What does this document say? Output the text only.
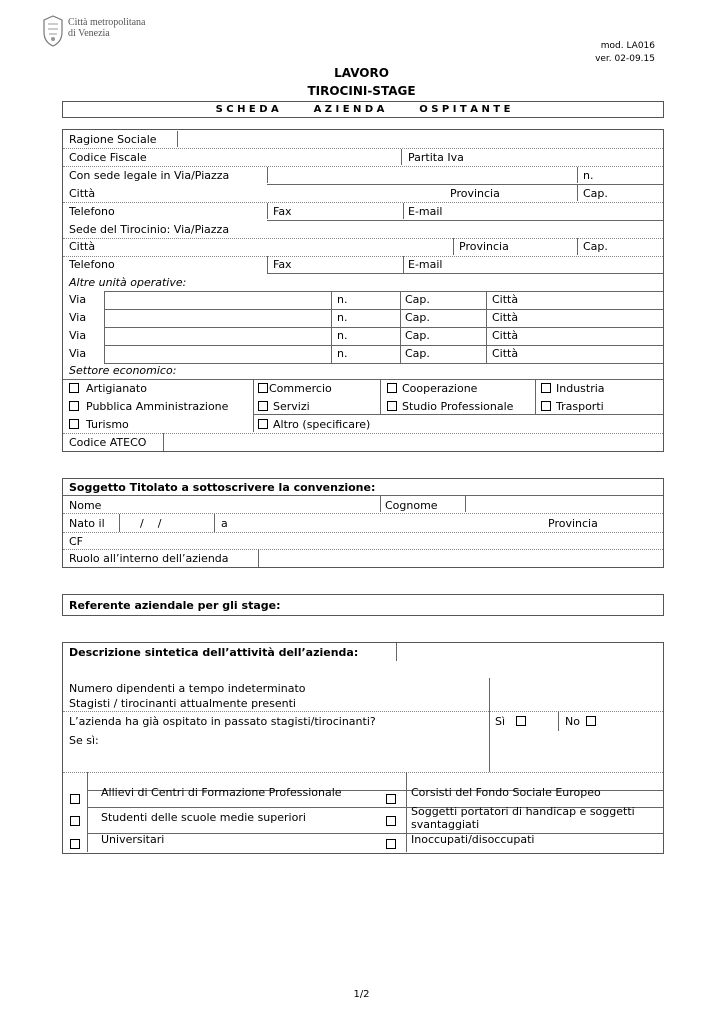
Città metropolitana
di Venezia
mod. LA016
ver. 02-09.15
LAVORO
TIROCINI-STAGE
S C H E D A          A Z I E N D A          O S P I T A N T E
Ragione Sociale
Codice Fiscale	Partita Iva
Con sede legale in Via/Piazza	n.
Città	Provincia	Cap.
Telefono	Fax	E-mail
Sede del Tirocinio: Via/Piazza
Città	Provincia	Cap.
Telefono	Fax	E-mail
Altre unità operative:
Via	n.	Cap.	Città
Via	n.	Cap.	Città
Via	n.	Cap.	Città
Via	n.	Cap.	Città
Settore economico:
Artigianato	Commercio	Cooperazione	Industria
Pubblica Amministrazione	Servizi	Studio Professionale	Trasporti
Turismo	Altro (specificare)
Codice ATECO
Soggetto Titolato a sottoscrivere la convenzione:
Nome	Cognome
Nato il	/    /	a	Provincia
CF
Ruolo all’interno dell’azienda
Referente aziendale per gli stage:
Descrizione sintetica dell’attività dell’azienda:
Numero dipendenti a tempo indeterminato
Stagisti / tirocinanti attualmente presenti
L’azienda ha già ospitato in passato stagisti/tirocinanti?	Sì	No
Se sì:
Allievi di Centri di Formazione Professionale	Corsisti del Fondo Sociale Europeo
Studenti delle scuole medie superiori	Soggetti portatori di handicap e soggetti
svantaggiati
Universitari	Inoccupati/disoccupati
1/2
